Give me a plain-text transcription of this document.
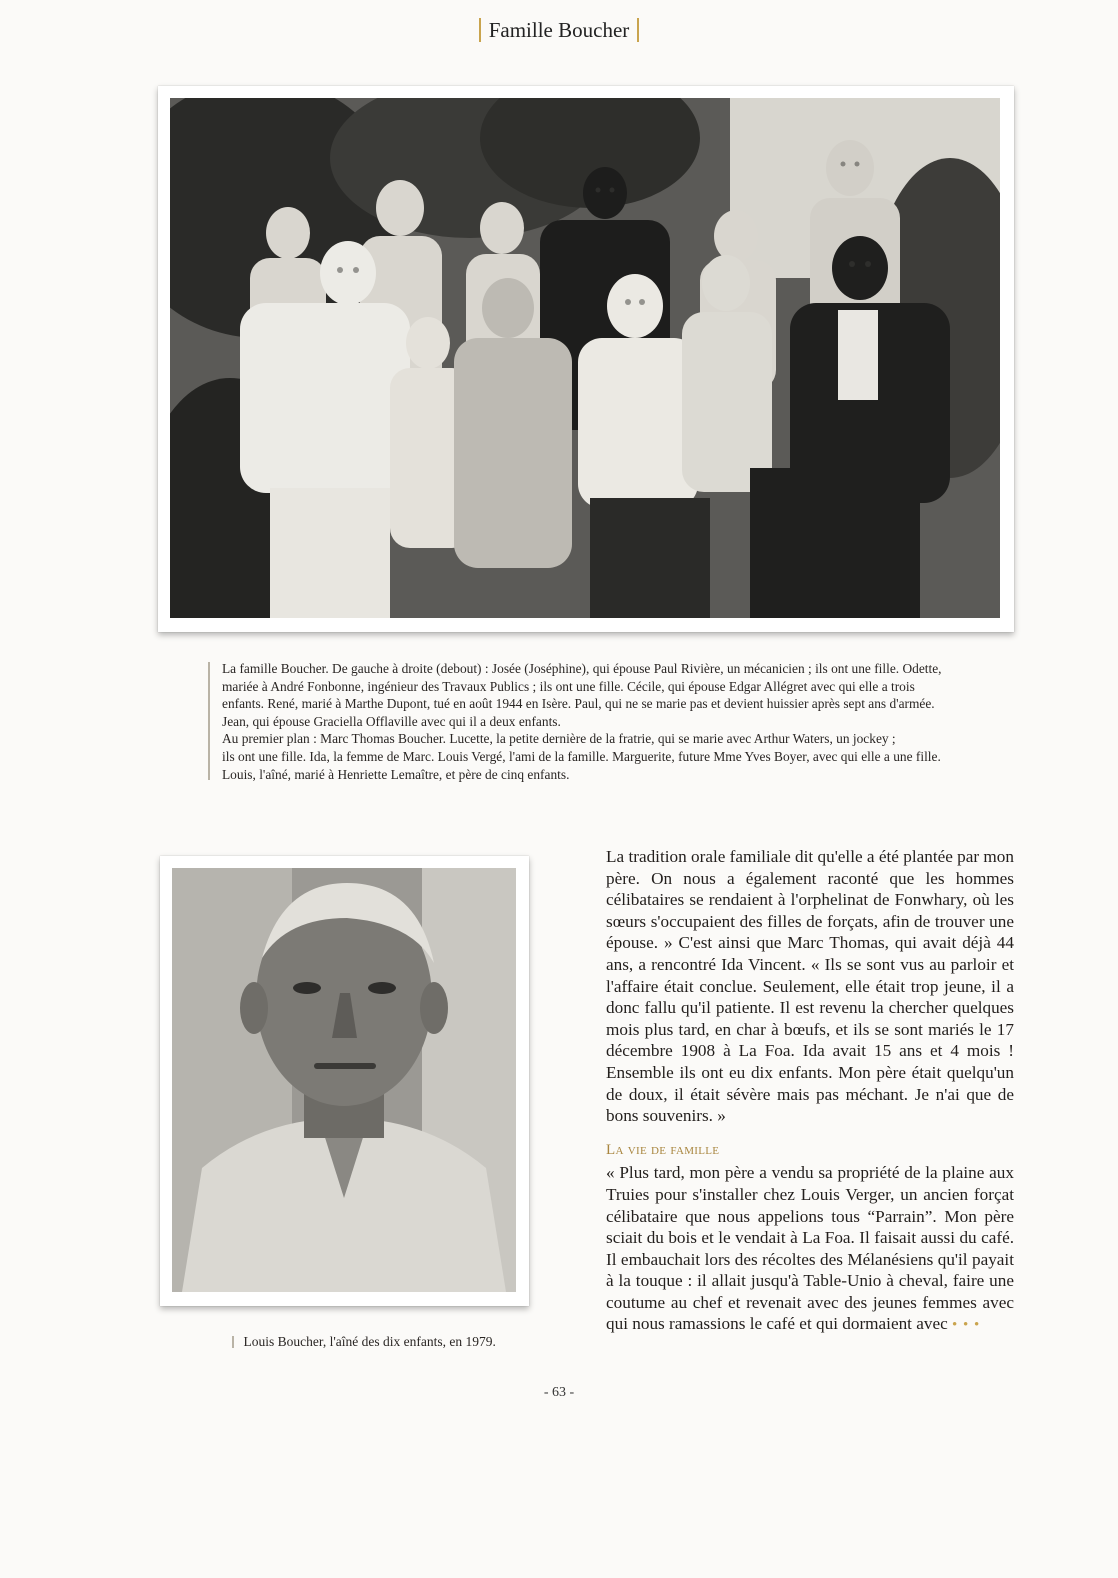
Famille Boucher

La famille Boucher. De gauche à droite (debout) : Josée (Joséphine), qui épouse Paul Rivière, un mécanicien ; ils ont une fille. Odette,

mariée à André Fonbonne, ingénieur des Travaux Publics ; ils ont une fille. Cécile, qui épouse Edgar Allégret avec qui elle a trois

enfants. René, marié à Marthe Dupont, tué en août 1944 en Isère. Paul, qui ne se marie pas et devient huissier après sept ans d'armée.

Jean, qui épouse Graciella Offlaville avec qui il a deux enfants.

Au premier plan : Marc Thomas Boucher. Lucette, la petite dernière de la fratrie, qui se marie avec Arthur Waters, un jockey ;

ils ont une fille. Ida, la femme de Marc. Louis Vergé, l'ami de la famille. Marguerite, future Mme Yves Boyer, avec qui elle a une fille.

Louis, l'aîné, marié à Henriette Lemaître, et père de cinq enfants.

Louis Boucher, l'aîné des dix enfants, en 1979.

La tradition orale familiale dit qu'elle a été plantée par mon père. On nous a également raconté que les hommes célibataires se rendaient à l'orphelinat de Fonwhary, où les sœurs s'occupaient des filles de forçats, afin de trouver une épouse. » C'est ainsi que Marc Thomas, qui avait déjà 44 ans, a rencontré Ida Vincent. « Ils se sont vus au parloir et l'affaire était conclue. Seulement, elle était trop jeune, il a donc fallu qu'il patiente. Il est revenu la chercher quelques mois plus tard, en char à bœufs, et ils se sont mariés le 17 décembre 1908 à La Foa. Ida avait 15 ans et 4 mois ! Ensemble ils ont eu dix enfants. Mon père était quelqu'un de doux, il était sévère mais pas méchant. Je n'ai que de bons souvenirs. »

La vie de famille

« Plus tard, mon père a vendu sa propriété de la plaine aux Truies pour s'installer chez Louis Verger, un ancien forçat célibataire que nous appelions tous “Parrain”. Mon père sciait du bois et le vendait à La Foa. Il faisait aussi du café. Il embauchait lors des récoltes des Mélanésiens qu'il payait à la touque : il allait jusqu'à Table-Unio à cheval, faire une coutume au chef et revenait avec des jeunes femmes avec qui nous ramassions le café et qui dormaient avec • • •

- 63 -
